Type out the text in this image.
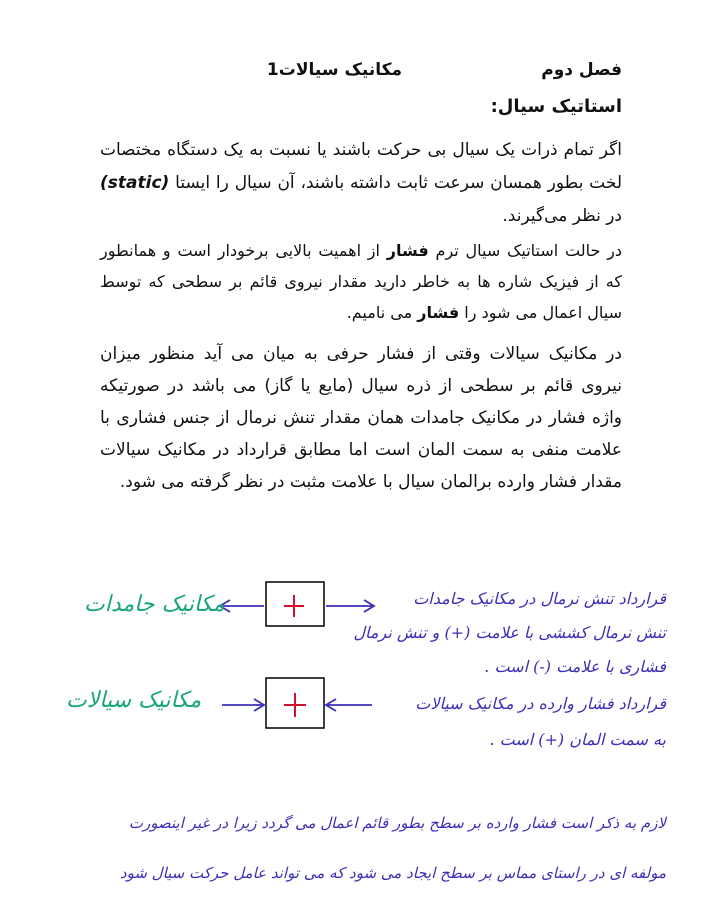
فصل دوم
مکانیک سیالات1
استاتیک سیال:
اگر تمام ذرات یک سیال بی حرکت باشند یا نسبت به یک دستگاه مختصات لخت بطور همسان سرعت ثابت داشته باشند، آن سیال را ایستا (static) در نظر می‌گیرند.
در حالت استاتیک سیال ترم فشار از اهمیت بالایی برخودار است و همانطور که از فیزیک شاره ها به خاطر دارید مقدار نیروی قائم بر سطحی که توسط سیال اعمال می شود را فشار می نامیم.
در مکانیک سیالات وقتی از فشار حرفی به میان می آید منظور میزان نیروی قائم بر سطحی از ذره سیال (مایع یا گاز) می باشد در صورتیکه واژه فشار در مکانیک جامدات همان مقدار تنش نرمال از جنس فشاری با علامت منفی به سمت المان است اما مطابق قرارداد در مکانیک سیالات مقدار فشار وارده برالمان سیال با علامت مثبت در نظر گرفته می شود.
مکانیک جامدات
مکانیک سیالات
قرارداد تنش نرمال در مکانیک جامدات
تنش نرمال کششی با علامت (+) و تنش نرمال
فشاری با علامت (-) است .
قرارداد فشار وارده در مکانیک سیالات
به سمت المان (+) است .
لازم به ذکر است فشار وارده بر سطح بطور قائم اعمال می گردد زیرا در غیر اینصورت
مولفه ای در راستای مماس بر سطح ایجاد می شود که می تواند عامل حرکت سیال شود
